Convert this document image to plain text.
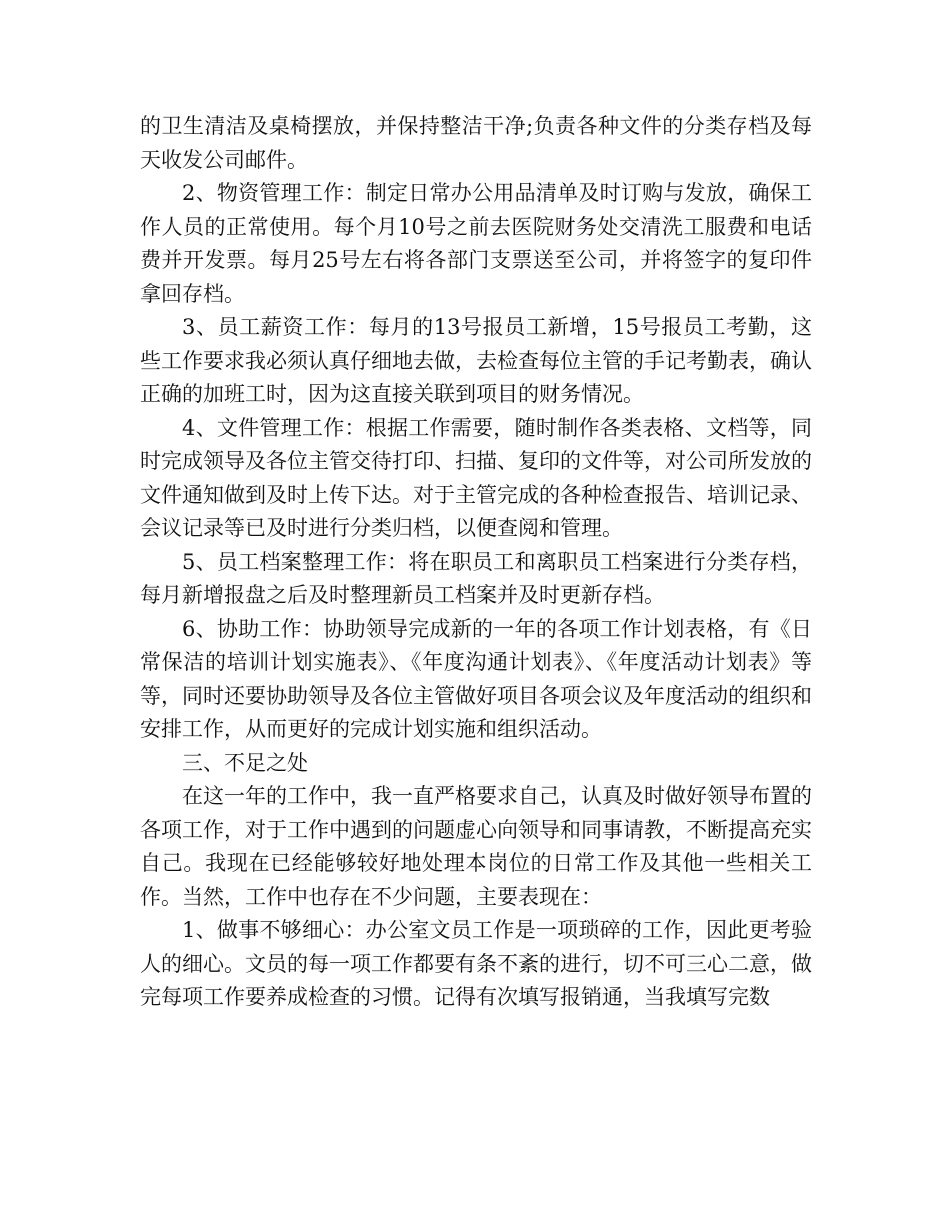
的卫生清洁及桌椅摆放，并保持整洁干净;负责各种文件的分类存档及每天收发公司邮件。

2、物资管理工作：制定日常办公用品清单及时订购与发放，确保工作人员的正常使用。每个月10号之前去医院财务处交清洗工服费和电话费并开发票。每月25号左右将各部门支票送至公司，并将签字的复印件拿回存档。

3、员工薪资工作：每月的13号报员工新增，15号报员工考勤，这些工作要求我必须认真仔细地去做，去检查每位主管的手记考勤表，确认正确的加班工时，因为这直接关联到项目的财务情况。

4、文件管理工作：根据工作需要，随时制作各类表格、文档等，同时完成领导及各位主管交待打印、扫描、复印的文件等，对公司所发放的文件通知做到及时上传下达。对于主管完成的各种检查报告、培训记录、会议记录等已及时进行分类归档，以便查阅和管理。

5、员工档案整理工作：将在职员工和离职员工档案进行分类存档，每月新增报盘之后及时整理新员工档案并及时更新存档。

6、协助工作：协助领导完成新的一年的各项工作计划表格，有《日常保洁的培训计划实施表》、《年度沟通计划表》、《年度活动计划表》等等，同时还要协助领导及各位主管做好项目各项会议及年度活动的组织和安排工作，从而更好的完成计划实施和组织活动。

三、不足之处

在这一年的工作中，我一直严格要求自己，认真及时做好领导布置的各项工作，对于工作中遇到的问题虚心向领导和同事请教，不断提高充实自己。我现在已经能够较好地处理本岗位的日常工作及其他一些相关工作。当然，工作中也存在不少问题，主要表现在：

1、做事不够细心：办公室文员工作是一项琐碎的工作，因此更考验人的细心。文员的每一项工作都要有条不紊的进行，切不可三心二意，做完每项工作要养成检查的习惯。记得有次填写报销通，当我填写完数
